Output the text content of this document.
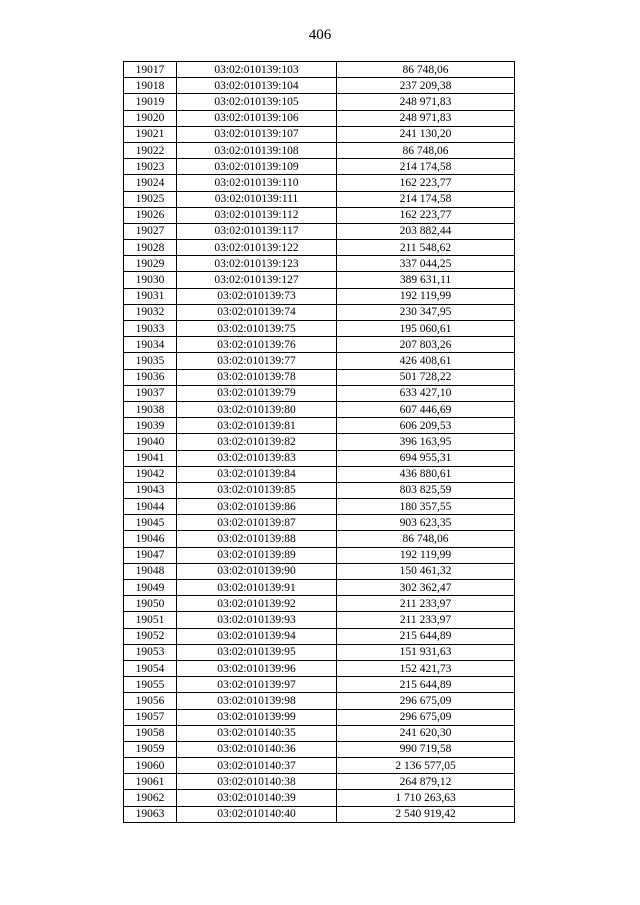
406
19017	03:02:010139:103	86 748,06
19018	03:02:010139:104	237 209,38
19019	03:02:010139:105	248 971,83
19020	03:02:010139:106	248 971,83
19021	03:02:010139:107	241 130,20
19022	03:02:010139:108	86 748,06
19023	03:02:010139:109	214 174,58
19024	03:02:010139:110	162 223,77
19025	03:02:010139:111	214 174,58
19026	03:02:010139:112	162 223,77
19027	03:02:010139:117	203 882,44
19028	03:02:010139:122	211 548,62
19029	03:02:010139:123	337 044,25
19030	03:02:010139:127	389 631,11
19031	03:02:010139:73	192 119,99
19032	03:02:010139:74	230 347,95
19033	03:02:010139:75	195 060,61
19034	03:02:010139:76	207 803,26
19035	03:02:010139:77	426 408,61
19036	03:02:010139:78	501 728,22
19037	03:02:010139:79	633 427,10
19038	03:02:010139:80	607 446,69
19039	03:02:010139:81	606 209,53
19040	03:02:010139:82	396 163,95
19041	03:02:010139:83	694 955,31
19042	03:02:010139:84	436 880,61
19043	03:02:010139:85	803 825,59
19044	03:02:010139:86	180 357,55
19045	03:02:010139:87	903 623,35
19046	03:02:010139:88	86 748,06
19047	03:02:010139:89	192 119,99
19048	03:02:010139:90	150 461,32
19049	03:02:010139:91	302 362,47
19050	03:02:010139:92	211 233,97
19051	03:02:010139:93	211 233,97
19052	03:02:010139:94	215 644,89
19053	03:02:010139:95	151 931,63
19054	03:02:010139:96	152 421,73
19055	03:02:010139:97	215 644,89
19056	03:02:010139:98	296 675,09
19057	03:02:010139:99	296 675,09
19058	03:02:010140:35	241 620,30
19059	03:02:010140:36	990 719,58
19060	03:02:010140:37	2 136 577,05
19061	03:02:010140:38	264 879,12
19062	03:02:010140:39	1 710 263,63
19063	03:02:010140:40	2 540 919,42
